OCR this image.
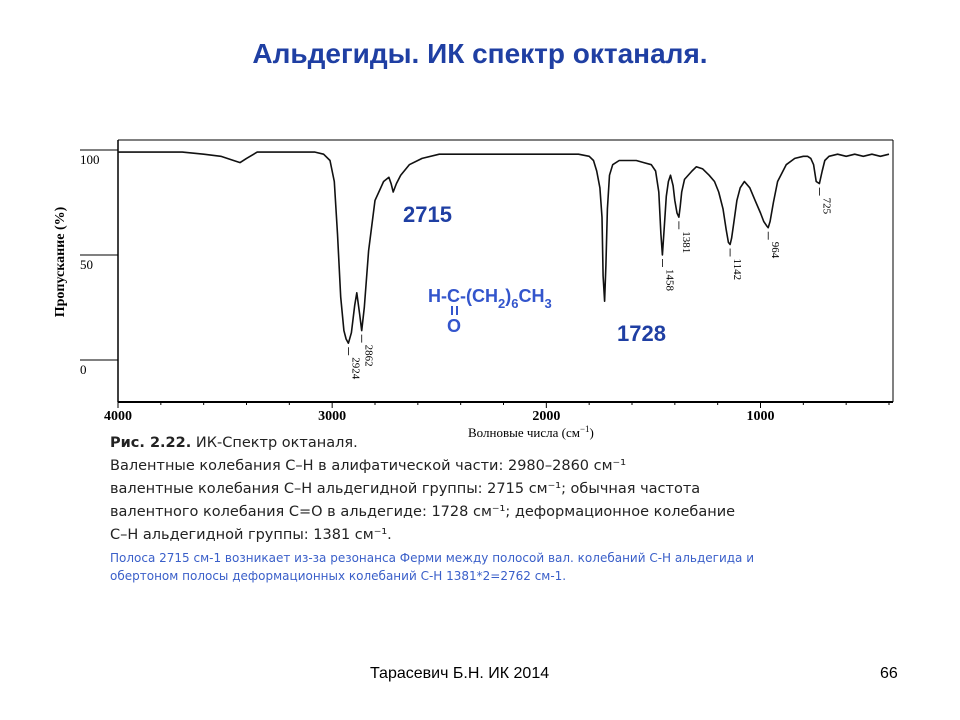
Альдегиды. ИК спектр октаналя.
Пропускание (%)
Волновые числа $(см^{-1})$
100
50
0
4000	3000	2000	1000
2924
2862
1458
1381
1142
964
725
2715
1728
$H-C-(CH_2)_6CH_3$
O
Рис. 2.22. ИК-Спектр октаналя.
Валентные колебания C–H в алифатической части: 2980–2860 см⁻¹
валентные колебания C–H альдегидной группы: 2715 см⁻¹; обычная частота
валентного колебания C=O в альдегиде: 1728 см⁻¹; деформационное колебание
C–H альдегидной группы: 1381 см⁻¹.
Полоса 2715 см-1 возникает из-за резонанса Ферми между полосой вал. колебаний С-Н альдегида и
обертоном полосы деформационных колебаний С-Н 1381*2=2762 см-1.
Тарасевич Б.Н. ИК 2014	66
